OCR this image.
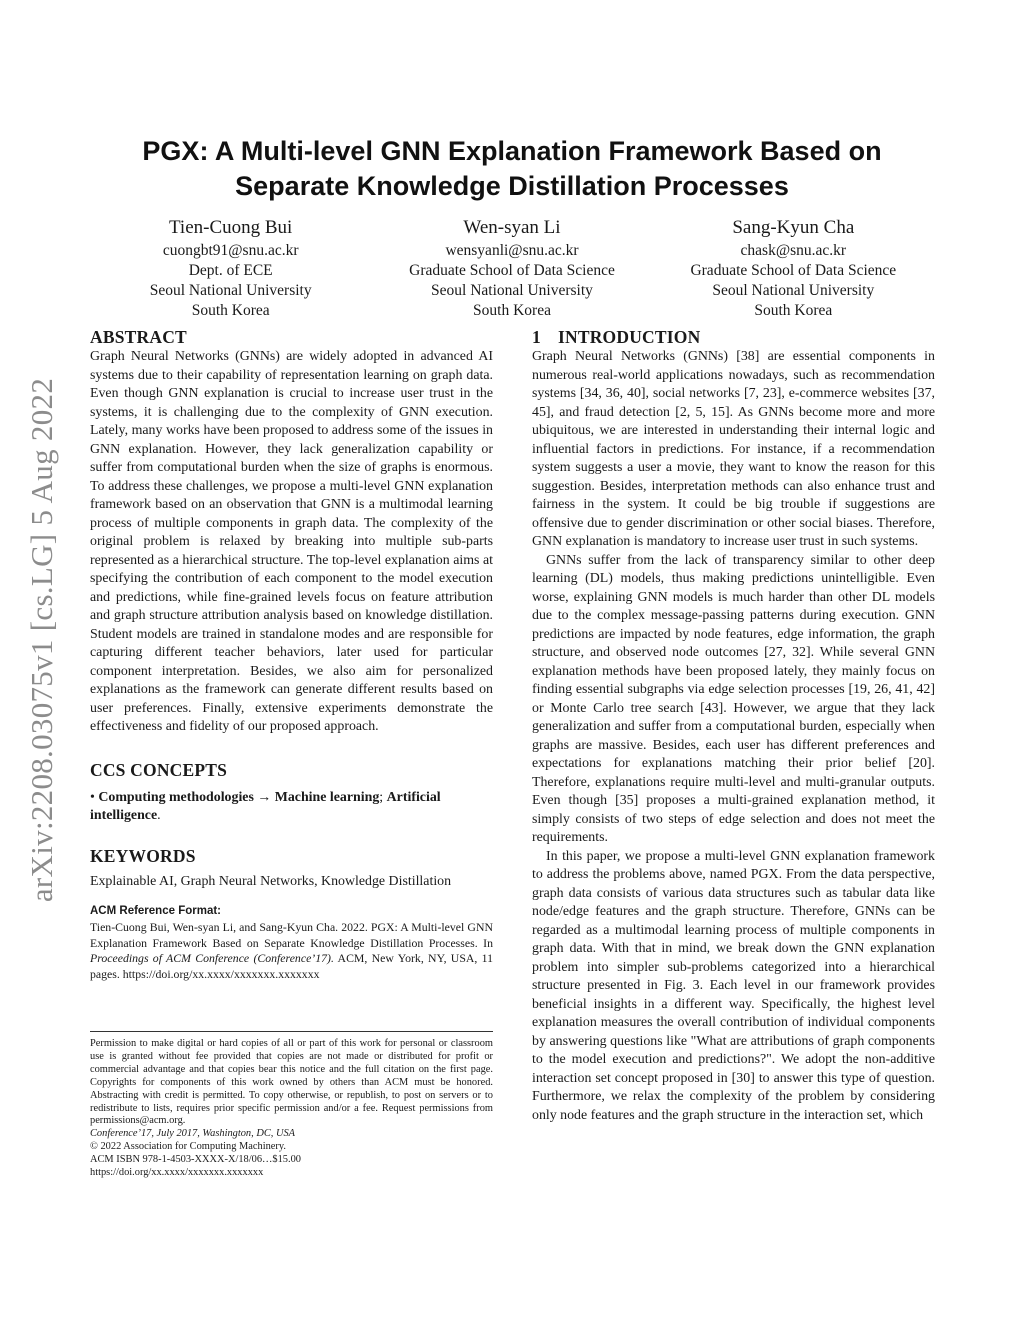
arXiv:2208.03075v1 [cs.LG] 5 Aug 2022
PGX: A Multi-level GNN Explanation Framework Based on
Separate Knowledge Distillation Processes
Tien-Cuong Bui
cuongbt91@snu.ac.kr
Dept. of ECE
Seoul National University
South Korea
Wen-syan Li
wensyanli@snu.ac.kr
Graduate School of Data Science
Seoul National University
South Korea
Sang-Kyun Cha
chask@snu.ac.kr
Graduate School of Data Science
Seoul National University
South Korea
ABSTRACT

Graph Neural Networks (GNNs) are widely adopted in advanced AI systems due to their capability of representation learning on graph data. Even though GNN explanation is crucial to increase user trust in the systems, it is challenging due to the complexity of GNN execution. Lately, many works have been proposed to address some of the issues in GNN explanation. However, they lack generalization capability or suffer from computational burden when the size of graphs is enormous. To address these challenges, we propose a multi-level GNN explanation framework based on an observation that GNN is a multimodal learning process of multiple components in graph data. The complexity of the original problem is relaxed by breaking into multiple sub-parts represented as a hierarchical structure. The top-level explanation aims at specifying the contribution of each component to the model execution and predictions, while fine-grained levels focus on feature attribution and graph structure attribution analysis based on knowledge distillation. Student models are trained in standalone modes and are responsible for capturing different teacher behaviors, later used for particular component interpretation. Besides, we also aim for personalized explanations as the framework can generate different results based on user preferences. Finally, extensive experiments demonstrate the effectiveness and fidelity of our proposed approach.

CCS CONCEPTS
• Computing methodologies → Machine learning; Artificial intelligence.
KEYWORDS

Explainable AI, Graph Neural Networks, Knowledge Distillation

ACM Reference Format:
Tien-Cuong Bui, Wen-syan Li, and Sang-Kyun Cha. 2022. PGX: A Multi-level GNN Explanation Framework Based on Separate Knowledge Distillation Processes. In Proceedings of ACM Conference (Conference’17). ACM, New York, NY, USA, 11 pages. https://doi.org/xx.xxxx/xxxxxxx.xxxxxxx

Permission to make digital or hard copies of all or part of this work for personal or classroom use is granted without fee provided that copies are not made or distributed for profit or commercial advantage and that copies bear this notice and the full citation on the first page. Copyrights for components of this work owned by others than ACM must be honored. Abstracting with credit is permitted. To copy otherwise, or republish, to post on servers or to redistribute to lists, requires prior specific permission and/or a fee. Request permissions from permissions@acm.org.

Conference’17, July 2017, Washington, DC, USA

© 2022 Association for Computing Machinery.

ACM ISBN 978-1-4503-XXXX-X/18/06…$15.00

https://doi.org/xx.xxxx/xxxxxxx.xxxxxxx

1 INTRODUCTION

Graph Neural Networks (GNNs) [38] are essential components in numerous real-world applications nowadays, such as recommendation systems [34, 36, 40], social networks [7, 23], e-commerce websites [37, 45], and fraud detection [2, 5, 15]. As GNNs become more and more ubiquitous, we are interested in understanding their internal logic and influential factors in predictions. For instance, if a recommendation system suggests a user a movie, they want to know the reason for this suggestion. Besides, interpretation methods can also enhance trust and fairness in the system. It could be big trouble if suggestions are offensive due to gender discrimination or other social biases. Therefore, GNN explanation is mandatory to increase user trust in such systems.

GNNs suffer from the lack of transparency similar to other deep learning (DL) models, thus making predictions unintelligible. Even worse, explaining GNN models is much harder than other DL models due to the complex message-passing patterns during execution. GNN predictions are impacted by node features, edge information, the graph structure, and observed node outcomes [27, 32]. While several GNN explanation methods have been proposed lately, they mainly focus on finding essential subgraphs via edge selection processes [19, 26, 41, 42] or Monte Carlo tree search [43]. However, we argue that they lack generalization and suffer from a computational burden, especially when graphs are massive. Besides, each user has different preferences and expectations for explanations matching their prior belief [20]. Therefore, explanations require multi-level and multi-granular outputs. Even though [35] proposes a multi-grained explanation method, it simply consists of two steps of edge selection and does not meet the requirements.

In this paper, we propose a multi-level GNN explanation framework to address the problems above, named PGX. From the data perspective, graph data consists of various data structures such as tabular data like node/edge features and the graph structure. Therefore, GNNs can be regarded as a multimodal learning process of multiple components in graph data. With that in mind, we break down the GNN explanation problem into simpler sub-problems categorized into a hierarchical structure presented in Fig. 3. Each level in our framework provides beneficial insights in a different way. Specifically, the highest level explanation measures the overall contribution of individual components by answering questions like "What are attributions of graph components to the model execution and predictions?". We adopt the non-additive interaction set concept proposed in [30] to answer this type of question. Furthermore, we relax the complexity of the problem by considering only node features and the graph structure in the interaction set, which
